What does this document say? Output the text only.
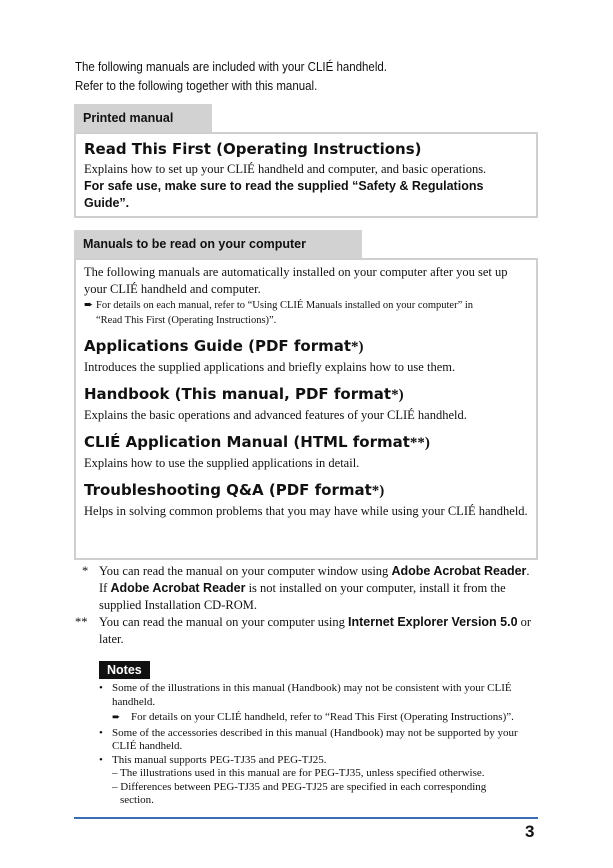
The following manuals are included with your CLIÉ handheld.
Refer to the following together with this manual.
Printed manual
Read This First (Operating Instructions)
Explains how to set up your CLIÉ handheld and computer, and basic operations.
For safe use, make sure to read the supplied “Safety & Regulations Guide”.
Manuals to be read on your computer
The following manuals are automatically installed on your computer after you set up your CLIÉ handheld and computer.
➨ For details on each manual, refer to “Using CLIÉ Manuals installed on your computer” in
“Read This First (Operating Instructions)”.
Applications Guide (PDF format*)
Introduces the supplied applications and briefly explains how to use them.
Handbook (This manual, PDF format*)
Explains the basic operations and advanced features of your CLIÉ handheld.
CLIÉ Application Manual (HTML format**)
Explains how to use the supplied applications in detail.
Troubleshooting Q&A (PDF format*)
Helps in solving common problems that you may have while using your CLIÉ handheld.
* You can read the manual on your computer window using Adobe Acrobat Reader. If Adobe Acrobat Reader is not installed on your computer, install it from the supplied Installation CD-ROM.
** You can read the manual on your computer using Internet Explorer Version 5.0 or later.
Notes
• Some of the illustrations in this manual (Handbook) may not be consistent with your CLIÉ handheld.
➨ For details on your CLIÉ handheld, refer to “Read This First (Operating Instructions)”.
• Some of the accessories described in this manual (Handbook) may not be supported by your CLIÉ handheld.
• This manual supports PEG-TJ35 and PEG-TJ25.
– The illustrations used in this manual are for PEG-TJ35, unless specified otherwise.
– Differences between PEG-TJ35 and PEG-TJ25 are specified in each corresponding
section.
3
